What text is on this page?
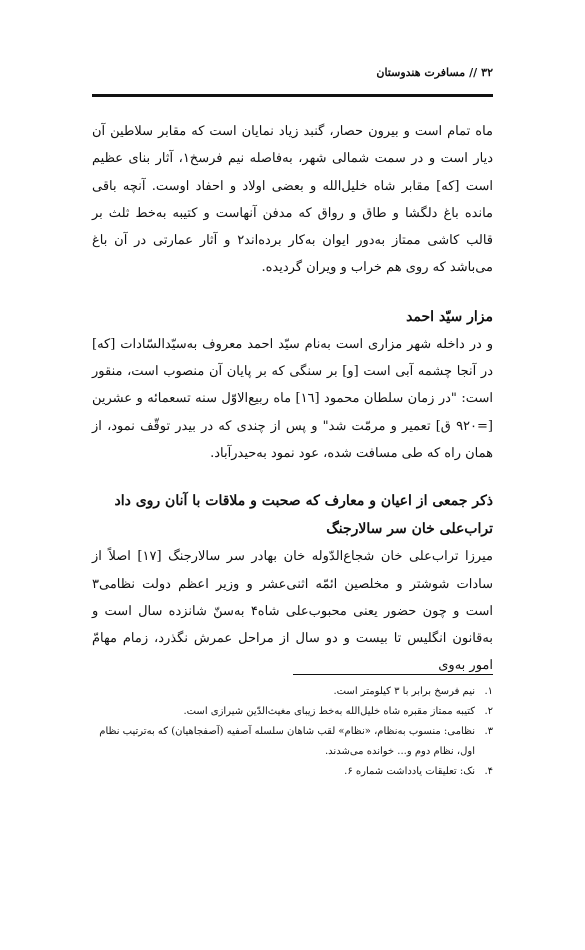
۳۲
//
مسافرت هندوستان

ماه تمام است و بیرون حصار، گنبد زیاد نمایان است که مقابر سلاطین آن دیار است و در سمت شمالی شهر، به‌فاصله نیم فرسخ۱، آثار بنای عظیم است [که] مقابر شاه خلیل‌الله و بعضی اولاد و احفاد اوست. آنچه باقی مانده باغ دلگشا و طاق و رواق که مدفن آنهاست و کتیبه به‌خط ثلث بر قالب کاشی ممتاز به‌دور ایوان به‌کار برده‌اند۲ و آثار عمارتی در آن باغ می‌باشد که روی هم خراب و ویران گردیده.

مزار سیّد احمد

و در داخله شهر مزاری است به‌نام سیّد احمد معروف به‌سیّدالسّادات [که] در آنجا چشمه آبی است [و] بر سنگی که بر پایان آن منصوب است، منقور است: "در زمان سلطان محمود [۱٦] ماه ربیع‌الاوّل سنه تسعمائه و عشرین [=۹۲۰ ق] تعمیر و مرمّت شد" و پس از چندی که در بیدر توقّف نمود، از همان راه که طی مسافت شده، عود نمود به‌حیدرآباد.

ذکر جمعی از اعیان و معارف که صحبت و ملاقات با آنان روی داد
تراب‌علی خان سر سالارجنگ

میرزا تراب‌علی خان شجاع‌الدّوله خان بهادر سر سالارجنگ [۱۷] اصلاً از سادات شوشتر و مخلصین ائمّه اثنی‌عشر و وزیر اعظم دولت نظامی۳ است و چون حضور یعنی محبوب‌علی شاه۴ به‌سنّ شانزده سال است و به‌قانون انگلیس تا بیست و دو سال از مراحل عمرش نگذرد، زمام مهامّ امور به‌وی

۱.
نیم فرسخ برابر با ۳ کیلومتر است.
۲.
کتیبه ممتاز مقبره شاه خلیل‌الله به‌خط زیبای مغیث‌الدّین شیرازی است.
۳.
نظامی: منسوب به‌نظام، «نظام» لقب شاهان سلسله آصفیه (آصفجاهیان) که به‌ترتیب نظام اول، نظام دوم و... خوانده می‌شدند.
۴.
نک: تعلیقات یادداشت شماره ۶.
